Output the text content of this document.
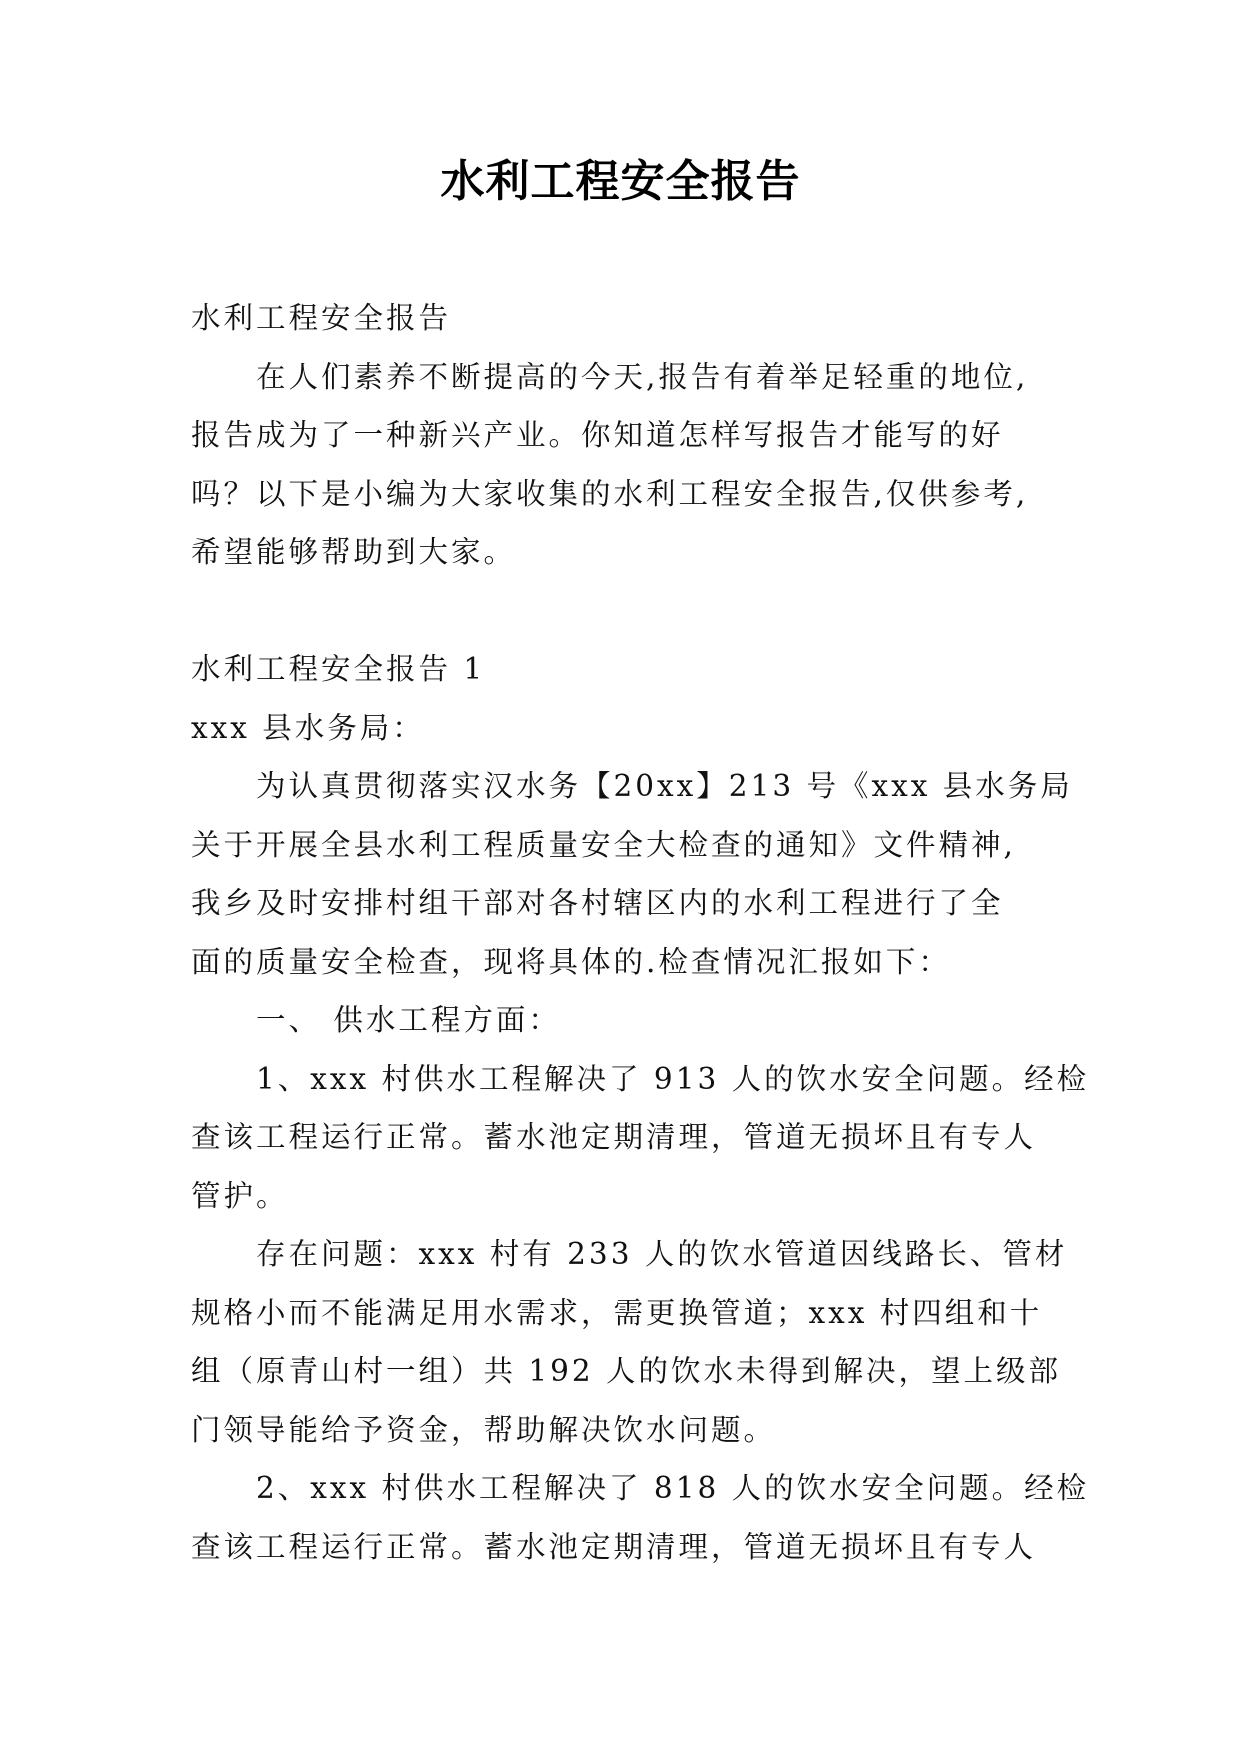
水利工程安全报告

水利工程安全报告

在人们素养不断提高的今天,报告有着举足轻重的地位,

报告成为了一种新兴产业。你知道怎样写报告才能写的好

吗？以下是小编为大家收集的水利工程安全报告,仅供参考,

希望能够帮助到大家。

水利工程安全报告 1

xxx 县水务局：

为认真贯彻落实汉水务【20xx】213 号《xxx 县水务局

关于开展全县水利工程质量安全大检查的通知》文件精神,

我乡及时安排村组干部对各村辖区内的水利工程进行了全

面的质量安全检查，现将具体的.检查情况汇报如下：

一、 供水工程方面：

1、xxx 村供水工程解决了 913 人的饮水安全问题。经检

查该工程运行正常。蓄水池定期清理，管道无损坏且有专人

管护。

存在问题：xxx 村有 233 人的饮水管道因线路长、管材

规格小而不能满足用水需求，需更换管道；xxx 村四组和十

组（原青山村一组）共 192 人的饮水未得到解决，望上级部

门领导能给予资金，帮助解决饮水问题。

2、xxx 村供水工程解决了 818 人的饮水安全问题。经检

查该工程运行正常。蓄水池定期清理，管道无损坏且有专人
